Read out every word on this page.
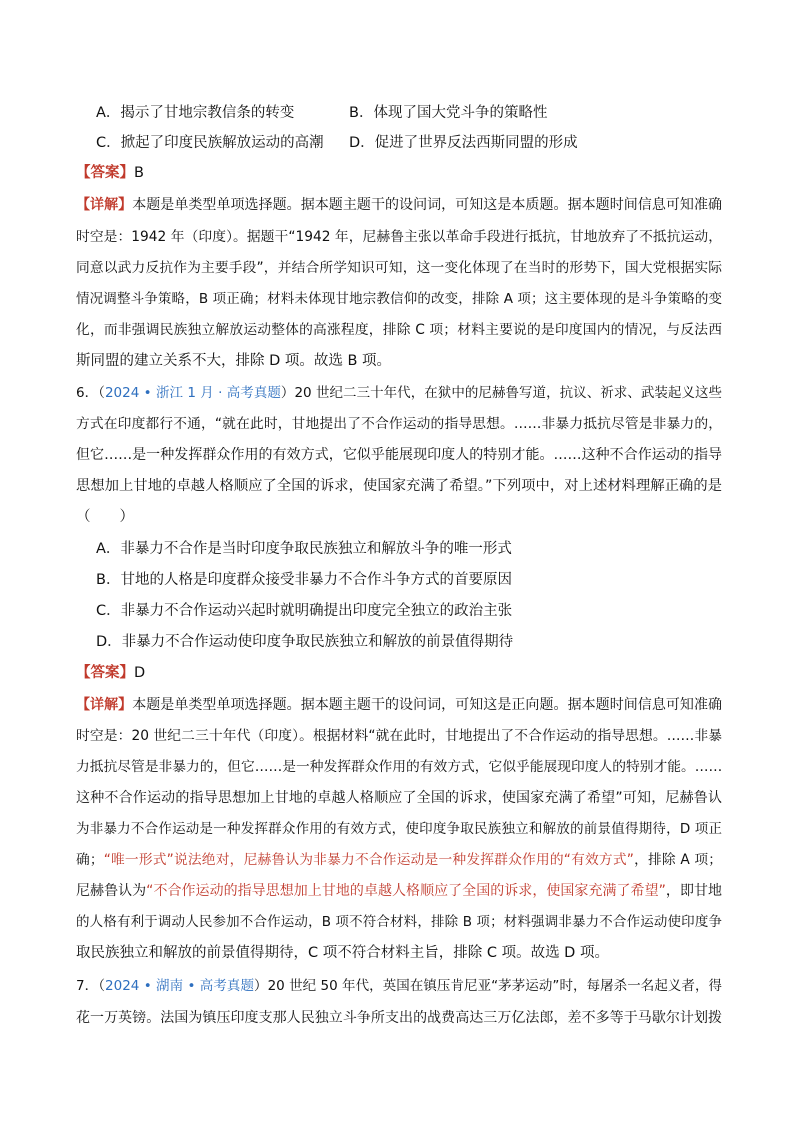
A．揭示了甘地宗教信条的转变	B．体现了国大党斗争的策略性
C．掀起了印度民族解放运动的高潮 D．促进了世界反法西斯同盟的形成
【答案】B
【详解】本题是单类型单项选择题。据本题主题干的设问词，可知这是本质题。据本题时间信息可知准确
时空是：1942 年（印度）。据题干“1942 年，尼赫鲁主张以革命手段进行抵抗，甘地放弃了不抵抗运动，
同意以武力反抗作为主要手段”，并结合所学知识可知，这一变化体现了在当时的形势下，国大党根据实际
情况调整斗争策略，B 项正确；材料未体现甘地宗教信仰的改变，排除 A 项；这主要体现的是斗争策略的变
化，而非强调民族独立解放运动整体的高涨程度，排除 C 项；材料主要说的是印度国内的情况，与反法西
斯同盟的建立关系不大，排除 D 项。故选 B 项。
6．（2024 • 浙江 1 月 · 高考真题）20 世纪二三十年代，在狱中的尼赫鲁写道，抗议、祈求、武装起义这些
方式在印度都行不通，“就在此时，甘地提出了不合作运动的指导思想。……非暴力抵抗尽管是非暴力的，
但它……是一种发挥群众作用的有效方式，它似乎能展现印度人的特别才能。……这种不合作运动的指导
思想加上甘地的卓越人格顺应了全国的诉求，使国家充满了希望。”下列项中，对上述材料理解正确的是
（　　）
A．非暴力不合作是当时印度争取民族独立和解放斗争的唯一形式
B．甘地的人格是印度群众接受非暴力不合作斗争方式的首要原因
C．非暴力不合作运动兴起时就明确提出印度完全独立的政治主张
D．非暴力不合作运动使印度争取民族独立和解放的前景值得期待
【答案】D
【详解】本题是单类型单项选择题。据本题主题干的设问词，可知这是正向题。据本题时间信息可知准确
时空是：20 世纪二三十年代（印度）。根据材料“就在此时，甘地提出了不合作运动的指导思想。……非暴
力抵抗尽管是非暴力的，但它……是一种发挥群众作用的有效方式，它似乎能展现印度人的特别才能。……
这种不合作运动的指导思想加上甘地的卓越人格顺应了全国的诉求，使国家充满了希望”可知，尼赫鲁认
为非暴力不合作运动是一种发挥群众作用的有效方式，使印度争取民族独立和解放的前景值得期待，D 项正
确；“唯一形式”说法绝对，尼赫鲁认为非暴力不合作运动是一种发挥群众作用的“有效方式”，排除 A 项；
尼赫鲁认为“不合作运动的指导思想加上甘地的卓越人格顺应了全国的诉求，使国家充满了希望”，即甘地
的人格有利于调动人民参加不合作运动，B 项不符合材料，排除 B 项；材料强调非暴力不合作运动使印度争
取民族独立和解放的前景值得期待，C 项不符合材料主旨，排除 C 项。故选 D 项。
7．（2024 • 湖南 • 高考真题）20 世纪 50 年代，英国在镇压肯尼亚“茅茅运动”时，每屠杀一名起义者，得
花一万英镑。法国为镇压印度支那人民独立斗争所支出的战费高达三万亿法郎，差不多等于马歇尔计划拨
